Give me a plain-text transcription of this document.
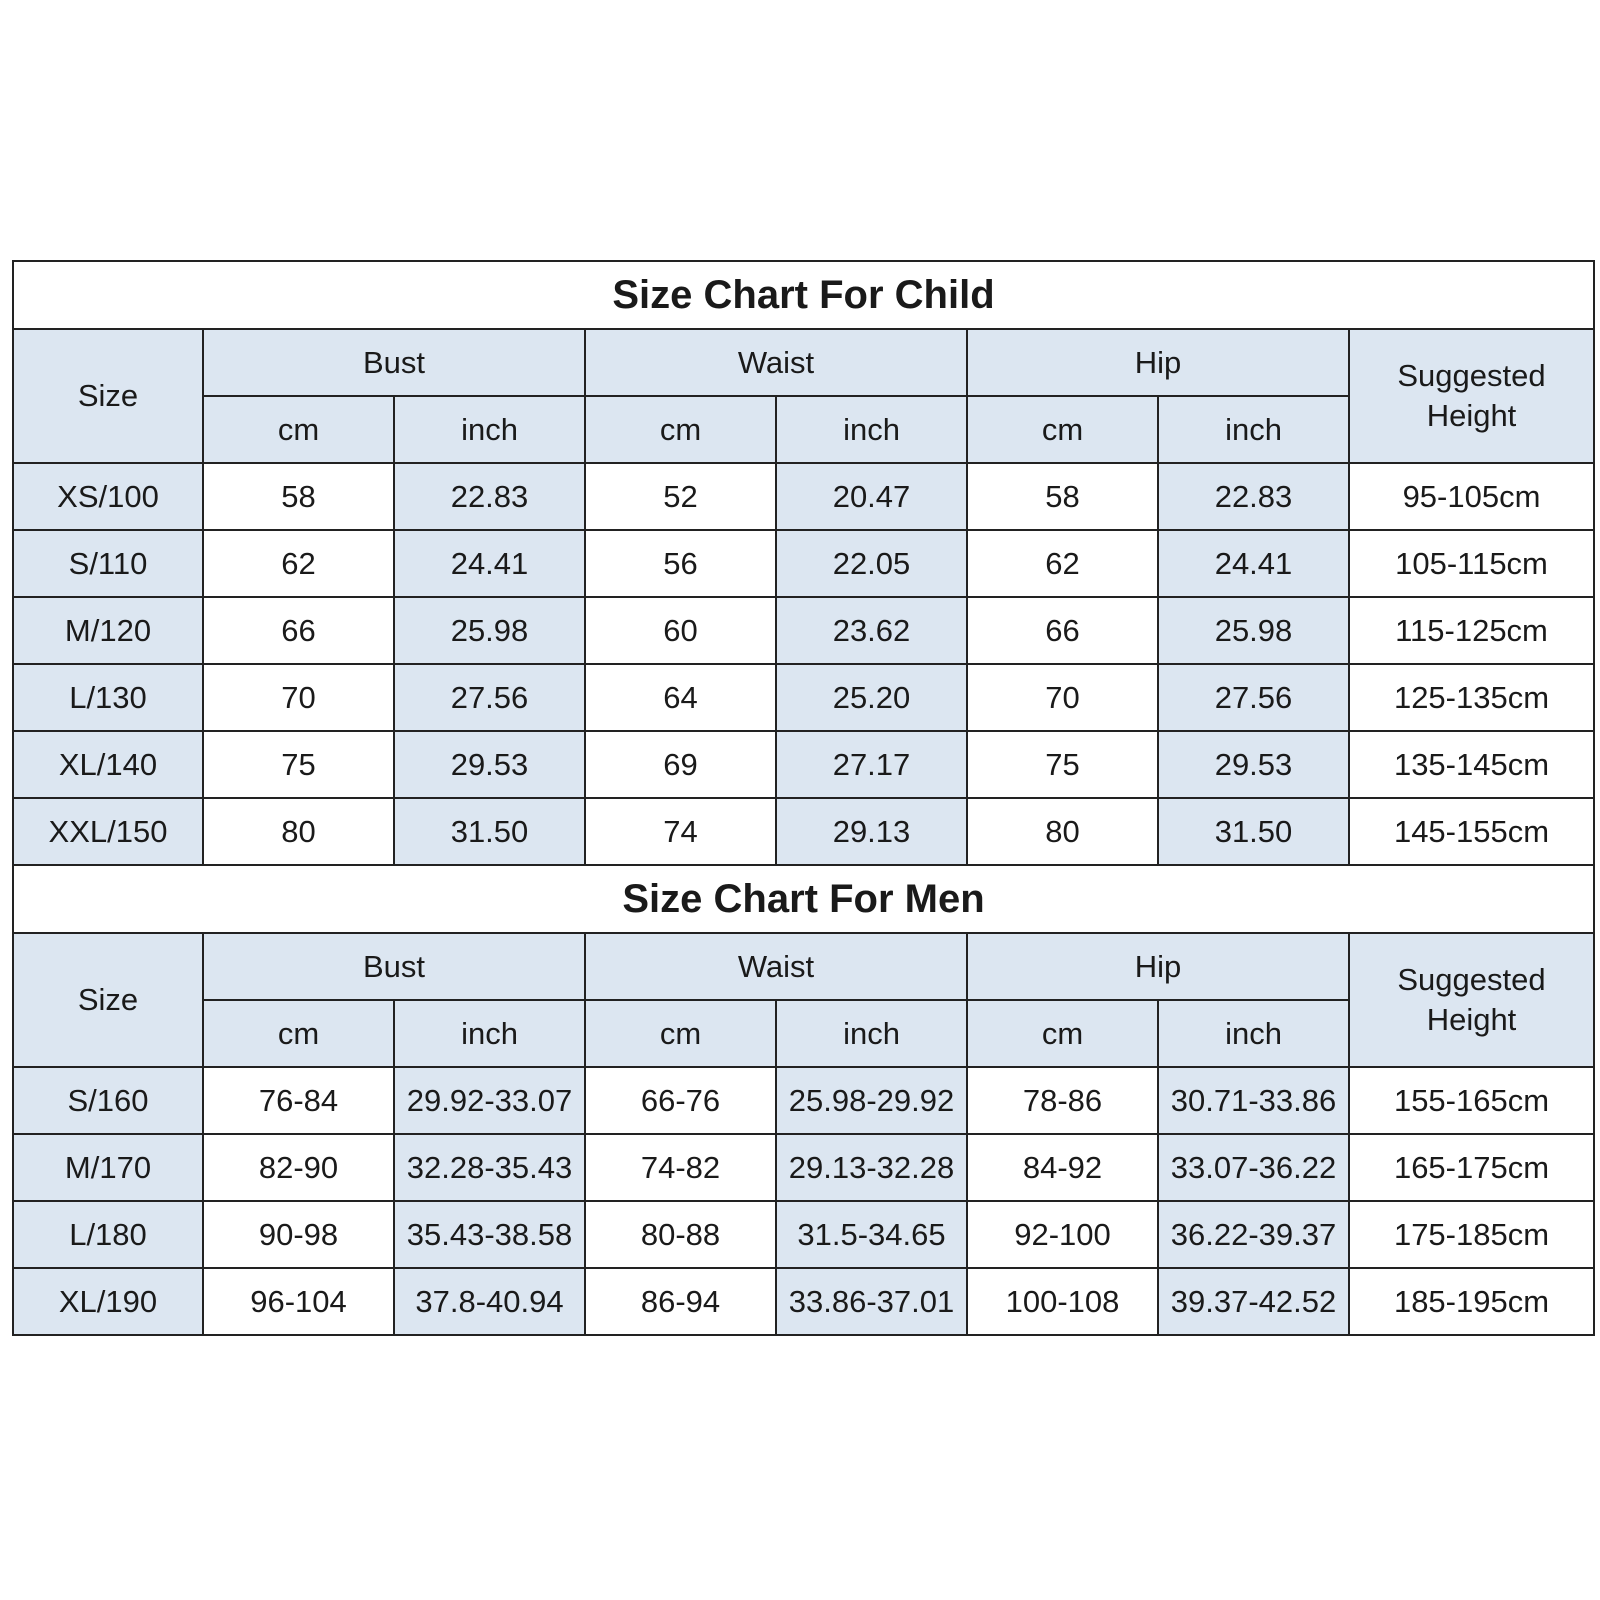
Size Chart For Child							
Size	Bust		Waist		Hip		Suggested
Height
	cm	inch	cm	inch	cm	inch	
XS/100	58	22.83	52	20.47	58	22.83	95-105cm
S/110	62	24.41	56	22.05	62	24.41	105-115cm
M/120	66	25.98	60	23.62	66	25.98	115-125cm
L/130	70	27.56	64	25.20	70	27.56	125-135cm
XL/140	75	29.53	69	27.17	75	29.53	135-145cm
XXL/150	80	31.50	74	29.13	80	31.50	145-155cm
Size Chart For Men							
Size	Bust		Waist		Hip		Suggested
Height
	cm	inch	cm	inch	cm	inch	
S/160	76-84	29.92-33.07	66-76	25.98-29.92	78-86	30.71-33.86	155-165cm
M/170	82-90	32.28-35.43	74-82	29.13-32.28	84-92	33.07-36.22	165-175cm
L/180	90-98	35.43-38.58	80-88	31.5-34.65	92-100	36.22-39.37	175-185cm
XL/190	96-104	37.8-40.94	86-94	33.86-37.01	100-108	39.37-42.52	185-195cm
